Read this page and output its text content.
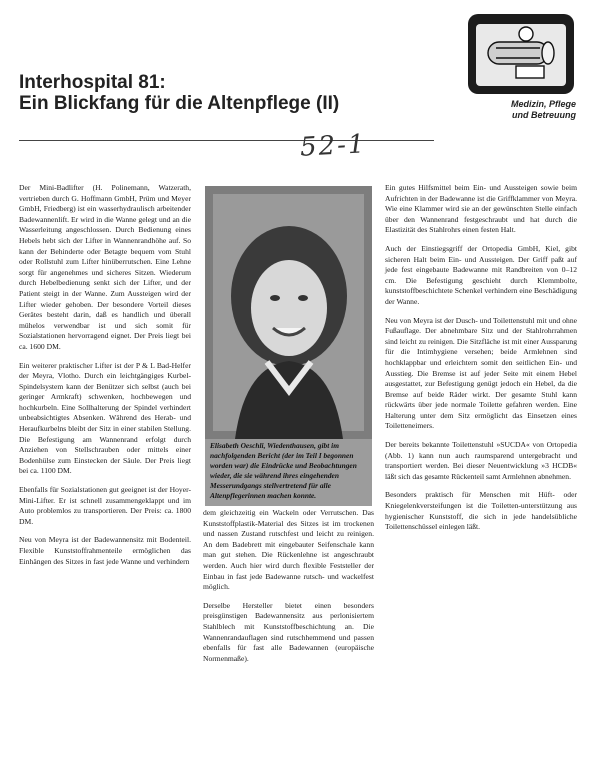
Interhospital 81:
Ein Blickfang für die Altenpflege (II)
52-1
Medizin, Pflege
und Betreuung

Der Mini-Badlifter (H. Polinemann, Watzerath, vertrieben durch G. Hoffmann GmbH, Prüm und Meyer GmbH, Friedberg) ist ein wasserhydraulisch arbeitender Badewannenlift. Er wird in die Wanne gelegt und an die Wasserleitung angeschlossen. Durch Bedienung eines Hebels hebt sich der Lifter in Wannenrandhöhe auf. So kann der Behinderte oder Betagte bequem vom Stuhl oder Rollstuhl zum Lifter hinüberrutschen. Eine Lehne sorgt für angenehmes und sicheres Sitzen. Wiederum durch Hebelbedienung senkt sich der Lifter, und der Patient steigt in der Wanne. Zum Aussteigen wird der Lifter wieder gehoben. Der besondere Vorteil dieses Gerätes besteht darin, daß es handlich und überall mühelos verwendbar ist und sich somit für Sozialstationen hervorragend eignet. Der Preis liegt bei ca. 1600 DM.

Ein weiterer praktischer Lifter ist der P & L Bad-Helfer der Meyra, Vlotho. Durch ein leichtgängiges Kurbel-Spindelsystem kann der Benützer sich selbst (auch bei geringer Armkraft) schwenken, hochbewegen und hochkurbeln. Eine Sollhalterung der Spindel verhindert unbeabsichtigtes Absenken. Während des Herab- und Heraufkurbelns bleibt der Sitz in einer stabilen Stellung. Die Befestigung am Wannenrand erfolgt durch Anziehen von Stellschrauben oder mittels einer Bodenhülse zum Einstecken der Säule. Der Preis liegt bei ca. 1100 DM.

Ebenfalls für Sozialstationen gut geeignet ist der Hoyer-Mini-Lifter. Er ist schnell zusammengeklappt und im Auto problemlos zu transportieren. Der Preis: ca. 1800 DM.

Neu von Meyra ist der Badewannensitz mit Bodenteil. Flexible Kunststoffrahmenteile ermöglichen das Einhängen des Sitzes in fast jede Wanne und verhindern

Elisabeth Oeschli, Wiedenthausen, gibt im nachfolgenden Bericht (der im Teil I begonnen worden war) die Eindrücke und Beobachtungen wieder, die sie während ihres eingehenden Messerundgangs stellvertretend für alle Altenpflegerinnen machen konnte.

dem gleichzeitig ein Wackeln oder Verrutschen. Das Kunststoffplastik-Material des Sitzes ist im trockenen und nassen Zustand rutschfest und leicht zu reinigen. An dem Badebrett mit eingebauter Seifenschale kann man gut stehen. Die Rückenlehne ist angeschraubt werden. Auch hier wird durch flexible Feststeller der Einbau in fast jede Badewanne rutsch- und wackelfest möglich.

Derselbe Hersteller bietet einen besonders preisgünstigen Badewannensitz aus perlonisiertem Stahlblech mit Kunststoffbeschichtung an. Die Wannenrandauflagen sind rutschhemmend und passen ebenfalls für fast alle Badewannen (europäische Normenmaße).

Ein gutes Hilfsmittel beim Ein- und Aussteigen sowie beim Aufrichten in der Badewanne ist die Griffklammer von Meyra. Wie eine Klammer wird sie an der gewünschten Stelle einfach über den Wannenrand festgeschraubt und hat durch die Elastizität des Stahlrohrs einen festen Halt.

Auch der Einstiegsgriff der Ortopedia GmbH, Kiel, gibt sicheren Halt beim Ein- und Aussteigen. Der Griff paßt auf jede fest eingebaute Badewanne mit Randbreiten von 0–12 cm. Die Befestigung geschieht durch Klemmbolte, kunststoffbeschichtete Schenkel verhindern eine Beschädigung der Wanne.

Neu von Meyra ist der Dusch- und Toilettenstuhl mit und ohne Fußauflage. Der abnehmbare Sitz und der Stahlrohrrahmen sind leicht zu reinigen. Die Sitzfläche ist mit einer Aussparung für die Intimhygiene versehen; beide Armlehnen sind hochklappbar und erleichtern somit den seitlichen Ein- und Ausstieg. Die Bremse ist auf jeder Seite mit einem Hebel ausgestattet, zur Befestigung genügt jedoch ein Hebel, da die Bremse auf beide Räder wirkt. Der gesamte Stuhl kann rückwärts über jede normale Toilette gefahren werden. Eine Halterung unter dem Sitz ermöglicht das Einsetzen eines Toiletteneimers.

Der bereits bekannte Toilettenstuhl »SUCDA« von Ortopedia (Abb. 1) kann nun auch raumsparend untergebracht und transportiert werden. Bei dieser Neuentwicklung »3 HCDB« läßt sich das gesamte Rückenteil samt Armlehnen abnehmen.

Besonders praktisch für Menschen mit Hüft- oder Kniegelenkversteifungen ist die Toiletten-unterstützung aus hygienischer Kunststoff, die sich in jede handelsübliche Toilettenschüssel einlegen läßt.
